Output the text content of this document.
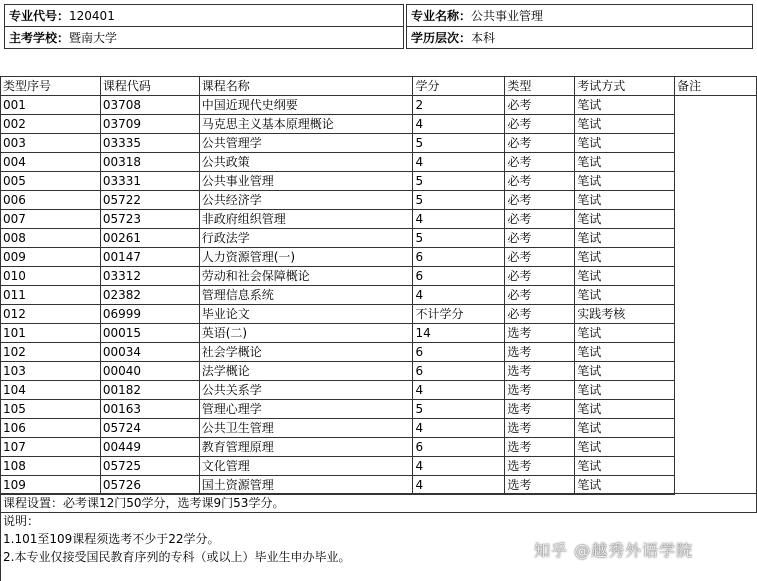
专业代号：120401		专业名称：公共事业管理
主考学校：暨南大学		学历层次：本科
类型序号	课程代码	课程名称	学分	类型	考试方式	备注
001	03708	中国近现代史纲要	2	必考	笔试	
002	03709	马克思主义基本原理概论	4	必考	笔试	
003	03335	公共管理学	5	必考	笔试	
004	00318	公共政策	4	必考	笔试	
005	03331	公共事业管理	5	必考	笔试	
006	05722	公共经济学	5	必考	笔试	
007	05723	非政府组织管理	4	必考	笔试	
008	00261	行政法学	5	必考	笔试	
009	00147	人力资源管理(一)	6	必考	笔试	
010	03312	劳动和社会保障概论	6	必考	笔试	
011	02382	管理信息系统	4	必考	笔试	
012	06999	毕业论文	不计学分	必考	实践考核	
101	00015	英语(二)	14	选考	笔试	
102	00034	社会学概论	6	选考	笔试	
103	00040	法学概论	6	选考	笔试	
104	00182	公共关系学	4	选考	笔试	
105	00163	管理心理学	5	选考	笔试	
106	05724	公共卫生管理	4	选考	笔试	
107	00449	教育管理原理	6	选考	笔试	
108	05725	文化管理	4	选考	笔试	
109	05726	国土资源管理	4	选考	笔试	
课程设置：必考课12门50学分，选考课9门53学分。
说明：
1.101至109课程须选考不少于22学分。
2.本专业仅接受国民教育序列的专科（或以上）毕业生申办毕业。	知乎 @越秀外语学院
